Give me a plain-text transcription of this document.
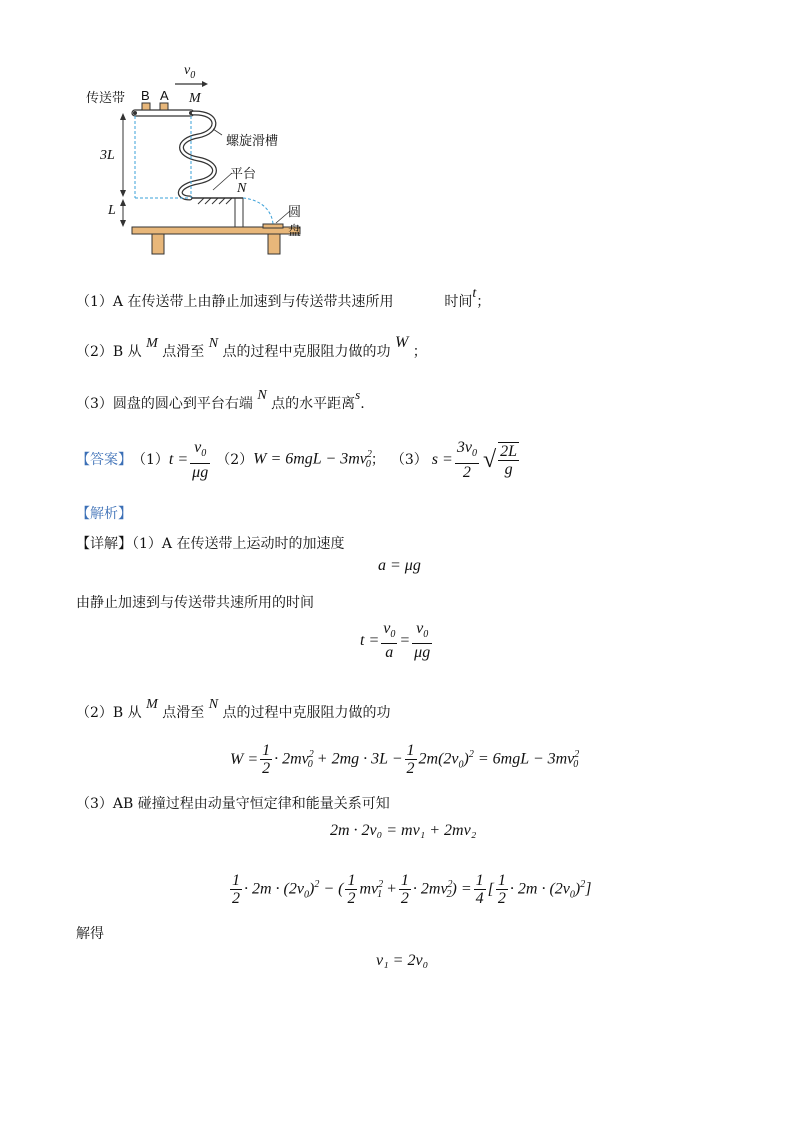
传送带 B A
$v_0$
M
螺旋滑槽
3L
平台
N
L	圆盘
（1）A 在传送带上由静止加速到与传送带共速所用	时间t；
（2）B 从 M 点滑至 N 点的过程中克服阻力做的功 W ；
（3）圆盘的圆心到平台右端 N 点的水平距离s.
【答案】 （1） $t = \frac{v_0}{\mu g} (2) W = 6mgL - 3mv^2_0$ ； （3） $s = \frac{3v_0}{2}$ √ $\frac{2L}{g}$
【解析】
【详解】（1）A 在传送带上运动时的加速度
a = μg
由静止加速到与传送带共速所用的时间
$t = \frac{v_0}{a} = \frac{v_0}{\mu g}$
（2）B 从 M 点滑至 N 点的过程中克服阻力做的功
$W = \frac{1}{2} \cdot 2mv^2_0 + 2mg \cdot 3L - \frac{1}{2} 2m(2v_0)^2 = 6mgL - 3mv^2_0$
（3）AB 碰撞过程由动量守恒定律和能量关系可知
2m · 2v₀ = mv₁ + 2mv₂
$\frac{1}{2} \cdot 2m \cdot (2v_0)^2$ − ( $\frac{1}{2} mv^2_1 + \frac{1}{2} \cdot 2mv^2_2) = \frac{1}{4}$ [ $\frac{1}{2} \cdot 2m \cdot (2v_0)^2$]
解得
v₁ = 2v₀
